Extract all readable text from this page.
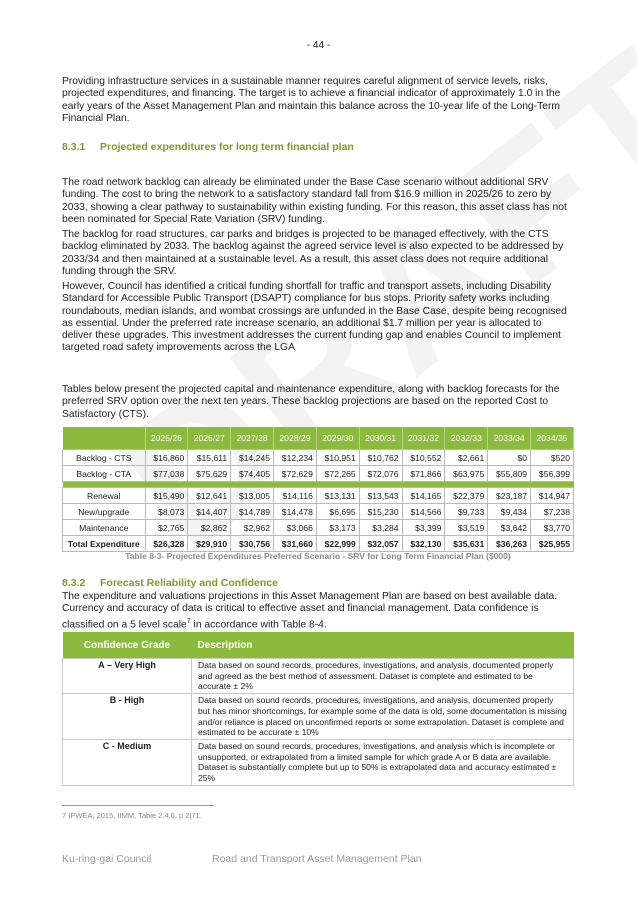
- 44 -

Providing infrastructure services in a sustainable manner requires careful alignment of service levels, risks, projected expenditures, and financing. The target is to achieve a financial indicator of approximately 1.0 in the early years of the Asset Management Plan and maintain this balance across the 10-year life of the Long-Term Financial Plan.

8.3.1 Projected expenditures for long term financial plan

The road network backlog can already be eliminated under the Base Case scenario without additional SRV funding. The cost to bring the network to a satisfactory standard fall from $16.9 million in 2025/26 to zero by 2033, showing a clear pathway to sustainability within existing funding. For this reason, this asset class has not been nominated for Special Rate Variation (SRV) funding.

The backlog for road structures, car parks and bridges is projected to be managed effectively, with the CTS backlog eliminated by 2033. The backlog against the agreed service level is also expected to be addressed by 2033/34 and then maintained at a sustainable level. As a result, this asset class does not require additional funding through the SRV.

However, Council has identified a critical funding shortfall for traffic and transport assets, including Disability Standard for Accessible Public Transport (DSAPT) compliance for bus stops. Priority safety works including roundabouts, median islands, and wombat crossings are unfunded in the Base Case, despite being recognised as essential. Under the preferred rate increase scenario, an additional $1.7 million per year is allocated to deliver these upgrades. This investment addresses the current funding gap and enables Council to implement targeted road safety improvements across the LGA

Tables below present the projected capital and maintenance expenditure, along with backlog forecasts for the preferred SRV option over the next ten years. These backlog projections are based on the reported Cost to Satisfactory (CTS).

	2025/26	2026/27	2027/28	2028/29	2029/30	2030/31	2031/32	2032/33	2033/34	2034/35
Backlog - CTS	$16,860	$15,611	$14,245	$12,234	$10,951	$10,762	$10,552	$2,661	$0	$520
Backlog - CTA	$77,038	$75,629	$74,405	$72,629	$72,265	$72,076	$71,866	$63,975	$55,809	$56,399

Renewal	$15,490	$12,641	$13,005	$14,116	$13,131	$13,543	$14,165	$22,379	$23,187	$14,947
New/upgrade	$8,073	$14,407	$14,789	$14,478	$6,695	$15,230	$14,566	$9,733	$9,434	$7,238
Maintenance	$2,765	$2,862	$2,962	$3,066	$3,173	$3,284	$3,399	$3,519	$3,642	$3,770
Total Expenditure	$26,328	$29,910	$30,756	$31,660	$22,999	$32,057	$32,130	$35,631	$36,263	$25,955
Table 8-3- Projected Expenditures Preferred Scenario - SRV for Long Term Financial Plan ($000)
8.3.2 Forecast Reliability and Confidence

The expenditure and valuations projections in this Asset Management Plan are based on best available data. Currency and accuracy of data is critical to effective asset and financial management. Data confidence is classified on a 5 level scale$^7$ in accordance with Table 8-4.

Confidence Grade	Description
A – Very High	Data based on sound records, procedures, investigations, and analysis, documented properly and agreed as the best method of assessment. Dataset is complete and estimated to be accurate ± 2%
B - High	Data based on sound records, procedures, investigations, and analysis, documented properly but has minor shortcomings, for example some of the data is old, some documentation is missing and/or reliance is placed on unconfirmed reports or some extrapolation. Dataset is complete and estimated to be accurate ± 10%
C - Medium	Data based on sound records, procedures, investigations, and analysis which is incomplete or unsupported, or extrapolated from a limited sample for which grade A or B data are available. Dataset is substantially complete but up to 50% is extrapolated data and accuracy estimated ± 25%
7 IPWEA, 2015, IIMM, Table 2.4.6, p 2|71.
Ku-ring-gai Council	Road and Transport Asset Management Plan
